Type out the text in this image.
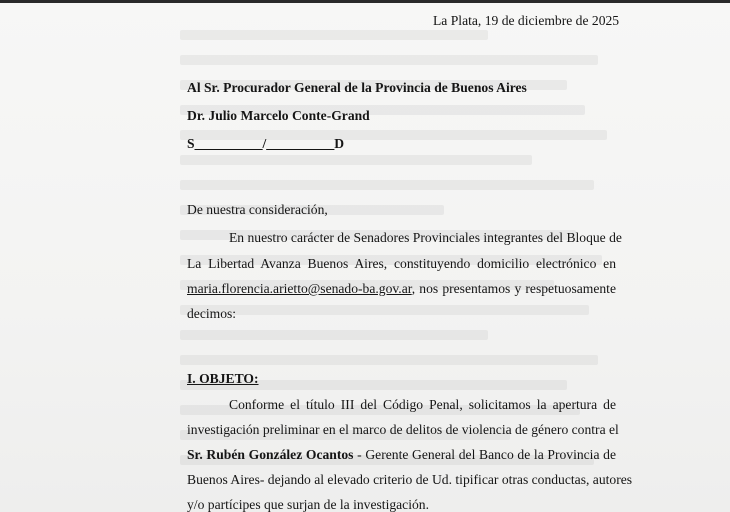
La Plata, 19 de diciembre de 2025

Al Sr. Procurador General de la Provincia de Buenos Aires

Dr. Julio Marcelo Conte-Grand

S__________/__________D

De nuestra consideración,

En nuestro carácter de Senadores Provinciales integrantes del Bloque de

La Libertad Avanza Buenos Aires, constituyendo domicilio electrónico en

maria.florencia.arietto@senado-ba.gov.ar, nos presentamos y respetuosamente

decimos:

I. OBJETO:

Conforme el título III del Código Penal, solicitamos la apertura de

investigación preliminar en el marco de delitos de violencia de género contra el

Sr. Rubén González Ocantos - Gerente General del Banco de la Provincia de

Buenos Aires- dejando al elevado criterio de Ud. tipificar otras conductas, autores

y/o partícipes que surjan de la investigación.
